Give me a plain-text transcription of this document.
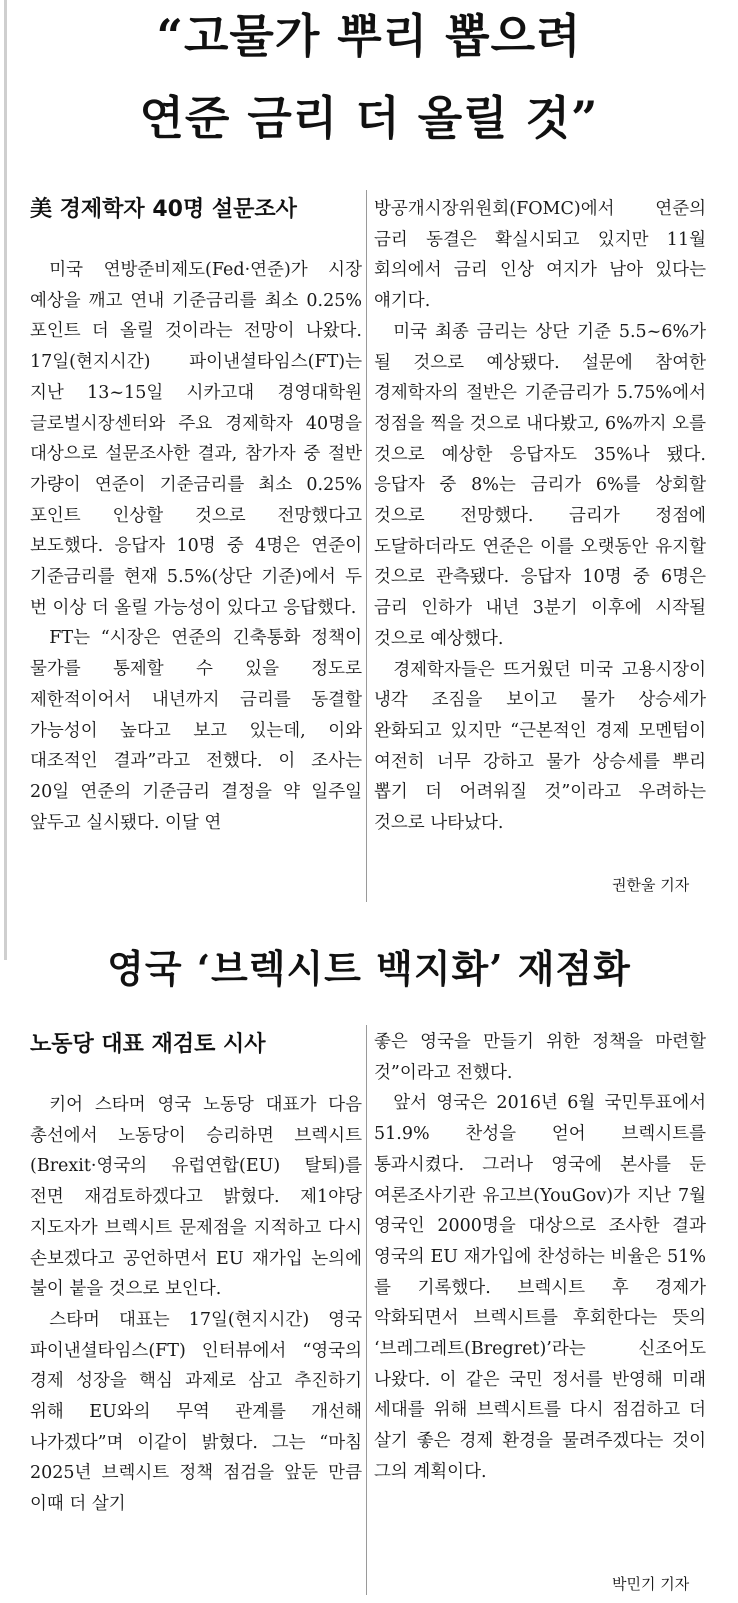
“고물가 뿌리 뽑으려
연준 금리 더 올릴 것”
美 경제학자 40명 설문조사

미국 연방준비제도(Fed·연준)가 시장 예상을 깨고 연내 기준금리를 최소 0.25%포인트 더 올릴 것이라는 전망이 나왔다. 17일(현지시간) 파이낸셜타임스(FT)는 지난 13~15일 시카고대 경영대학원 글로벌시장센터와 주요 경제학자 40명을 대상으로 설문조사한 결과, 참가자 중 절반 가량이 연준이 기준금리를 최소 0.25%포인트 인상할 것으로 전망했다고 보도했다. 응답자 10명 중 4명은 연준이 기준금리를 현재 5.5%(상단 기준)에서 두 번 이상 더 올릴 가능성이 있다고 응답했다.

FT는 “시장은 연준의 긴축통화 정책이 물가를 통제할 수 있을 정도로 제한적이어서 내년까지 금리를 동결할 가능성이 높다고 보고 있는데, 이와 대조적인 결과”라고 전했다. 이 조사는 20일 연준의 기준금리 결정을 약 일주일 앞두고 실시됐다. 이달 연

방공개시장위원회(FOMC)에서 연준의 금리 동결은 확실시되고 있지만 11월 회의에서 금리 인상 여지가 남아 있다는 얘기다.

미국 최종 금리는 상단 기준 5.5~6%가 될 것으로 예상됐다. 설문에 참여한 경제학자의 절반은 기준금리가 5.75%에서 정점을 찍을 것으로 내다봤고, 6%까지 오를 것으로 예상한 응답자도 35%나 됐다. 응답자 중 8%는 금리가 6%를 상회할 것으로 전망했다. 금리가 정점에 도달하더라도 연준은 이를 오랫동안 유지할 것으로 관측됐다. 응답자 10명 중 6명은 금리 인하가 내년 3분기 이후에 시작될 것으로 예상했다.

경제학자들은 뜨거웠던 미국 고용시장이 냉각 조짐을 보이고 물가 상승세가 완화되고 있지만 “근본적인 경제 모멘텀이 여전히 너무 강하고 물가 상승세를 뿌리 뽑기 더 어려워질 것”이라고 우려하는 것으로 나타났다.

권한울 기자
영국 ‘브렉시트 백지화’ 재점화
노동당 대표 재검토 시사

키어 스타머 영국 노동당 대표가 다음 총선에서 노동당이 승리하면 브렉시트(Brexit·영국의 유럽연합(EU) 탈퇴)를 전면 재검토하겠다고 밝혔다. 제1야당 지도자가 브렉시트 문제점을 지적하고 다시 손보겠다고 공언하면서 EU 재가입 논의에 불이 붙을 것으로 보인다.

스타머 대표는 17일(현지시간) 영국 파이낸셜타임스(FT) 인터뷰에서 “영국의 경제 성장을 핵심 과제로 삼고 추진하기 위해 EU와의 무역 관계를 개선해 나가겠다”며 이같이 밝혔다. 그는 “마침 2025년 브렉시트 정책 점검을 앞둔 만큼 이때 더 살기

좋은 영국을 만들기 위한 정책을 마련할 것”이라고 전했다.

앞서 영국은 2016년 6월 국민투표에서 51.9% 찬성을 얻어 브렉시트를 통과시켰다. 그러나 영국에 본사를 둔 여론조사기관 유고브(YouGov)가 지난 7월 영국인 2000명을 대상으로 조사한 결과 영국의 EU 재가입에 찬성하는 비율은 51%를 기록했다. 브렉시트 후 경제가 악화되면서 브렉시트를 후회한다는 뜻의 ‘브레그레트(Bregret)’라는 신조어도 나왔다. 이 같은 국민 정서를 반영해 미래 세대를 위해 브렉시트를 다시 점검하고 더 살기 좋은 경제 환경을 물려주겠다는 것이 그의 계획이다.

박민기 기자
